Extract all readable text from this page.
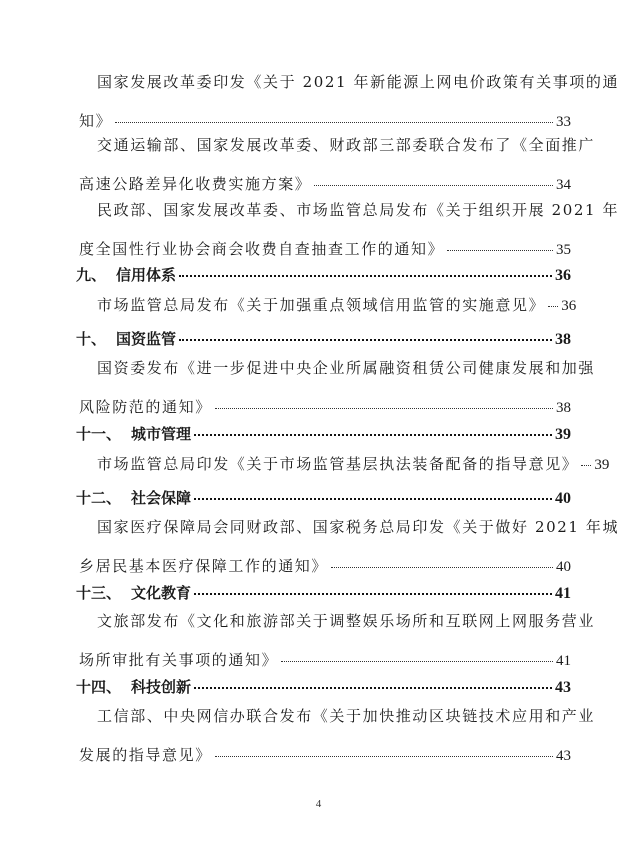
国家发展改革委印发《关于 2021 年新能源上网电价政策有关事项的通
知》	33
交通运输部、国家发展改革委、财政部三部委联合发布了《全面推广
高速公路差异化收费实施方案》	34
民政部、国家发展改革委、市场监管总局发布《关于组织开展 2021 年
度全国性行业协会商会收费自查抽查工作的通知》	35
九、 信用体系	36
市场监管总局发布《关于加强重点领域信用监管的实施意见》 36
十、 国资监管	38
国资委发布《进一步促进中央企业所属融资租赁公司健康发展和加强
风险防范的通知》	38
十一、 城市管理	39
市场监管总局印发《关于市场监管基层执法装备配备的指导意见》 39
十二、 社会保障	40
国家医疗保障局会同财政部、国家税务总局印发《关于做好 2021 年城
乡居民基本医疗保障工作的通知》	40
十三、 文化教育	41
文旅部发布《文化和旅游部关于调整娱乐场所和互联网上网服务营业
场所审批有关事项的通知》	41
十四、 科技创新	43
工信部、中央网信办联合发布《关于加快推动区块链技术应用和产业
发展的指导意见》	43
4
